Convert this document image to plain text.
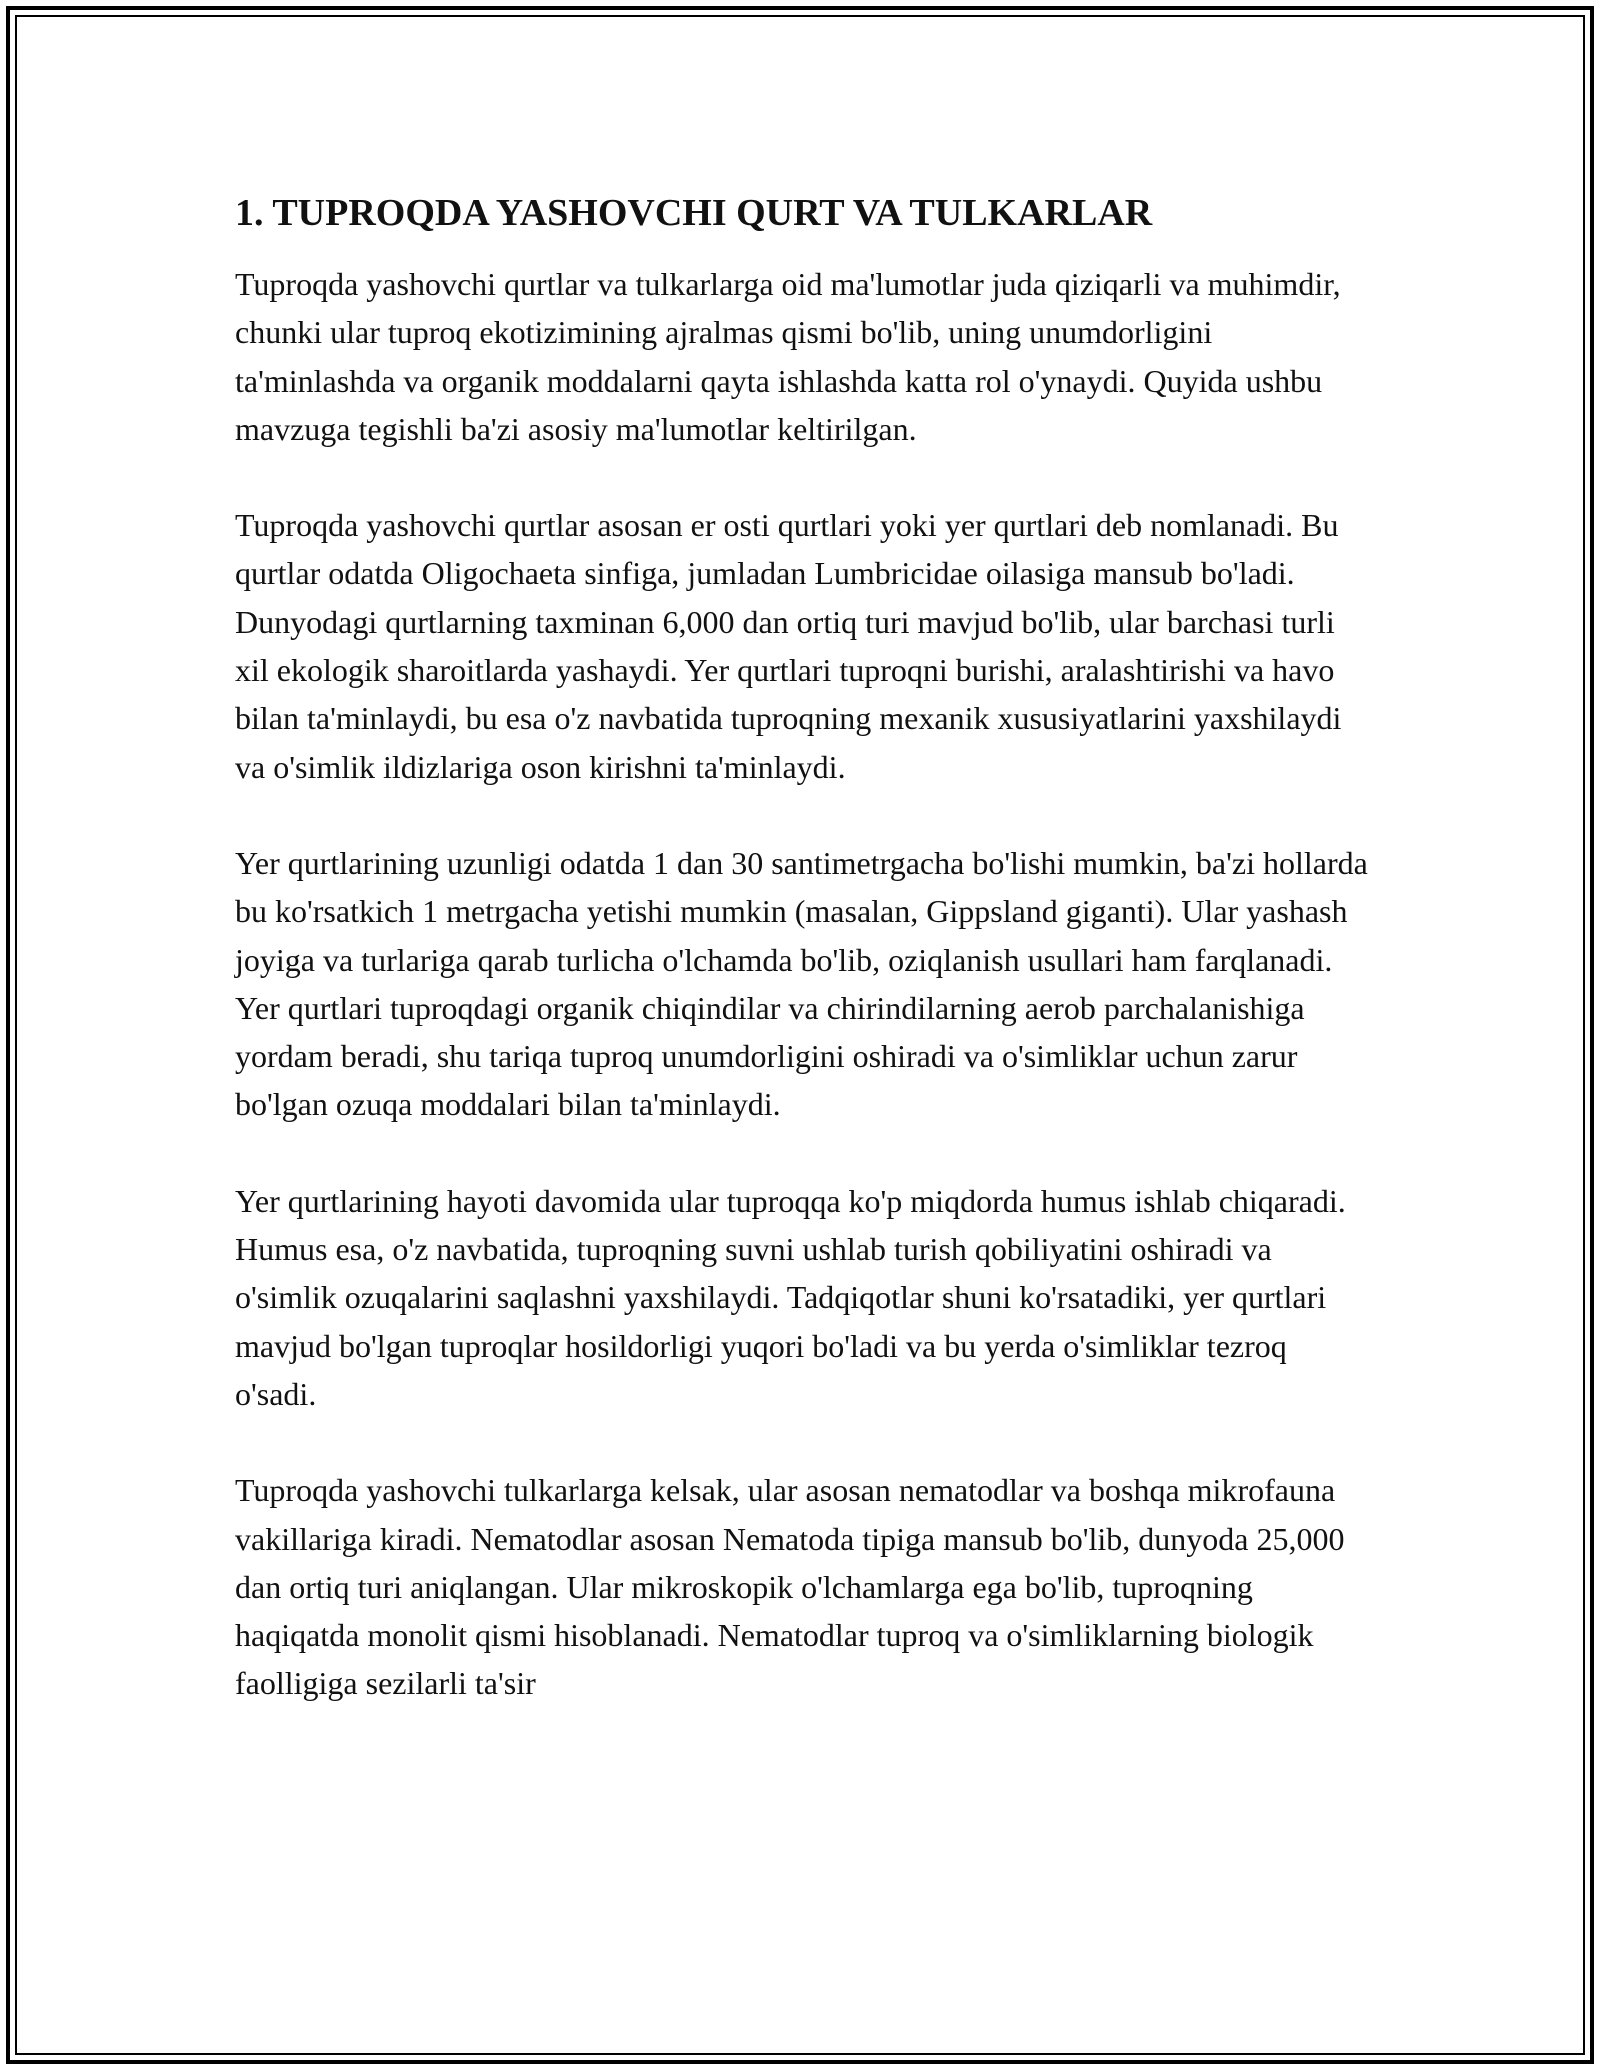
1. TUPROQDA YASHOVCHI QURT VA TULKARLAR

Tuproqda yashovchi qurtlar va tulkarlarga oid ma'lumotlar juda qiziqarli va muhimdir, chunki ular tuproq ekotizimining ajralmas qismi bo'lib, uning unumdorligini ta'minlashda va organik moddalarni qayta ishlashda katta rol o'ynaydi. Quyida ushbu mavzuga tegishli ba'zi asosiy ma'lumotlar keltirilgan.

Tuproqda yashovchi qurtlar asosan er osti qurtlari yoki yer qurtlari deb nomlanadi. Bu qurtlar odatda Oligochaeta sinfiga, jumladan Lumbricidae oilasiga mansub bo'ladi. Dunyodagi qurtlarning taxminan 6,000 dan ortiq turi mavjud bo'lib, ular barchasi turli xil ekologik sharoitlarda yashaydi. Yer qurtlari tuproqni burishi, aralashtirishi va havo bilan ta'minlaydi, bu esa o'z navbatida tuproqning mexanik xususiyatlarini yaxshilaydi va o'simlik ildizlariga oson kirishni ta'minlaydi.

Yer qurtlarining uzunligi odatda 1 dan 30 santimetrgacha bo'lishi mumkin, ba'zi hollarda bu ko'rsatkich 1 metrgacha yetishi mumkin (masalan, Gippsland giganti). Ular yashash joyiga va turlariga qarab turlicha o'lchamda bo'lib, oziqlanish usullari ham farqlanadi. Yer qurtlari tuproqdagi organik chiqindilar va chirindilarning aerob parchalanishiga yordam beradi, shu tariqa tuproq unumdorligini oshiradi va o'simliklar uchun zarur bo'lgan ozuqa moddalari bilan ta'minlaydi.

Yer qurtlarining hayoti davomida ular tuproqqa ko'p miqdorda humus ishlab chiqaradi. Humus esa, o'z navbatida, tuproqning suvni ushlab turish qobiliyatini oshiradi va o'simlik ozuqalarini saqlashni yaxshilaydi. Tadqiqotlar shuni ko'rsatadiki, yer qurtlari mavjud bo'lgan tuproqlar hosildorligi yuqori bo'ladi va bu yerda o'simliklar tezroq o'sadi.

Tuproqda yashovchi tulkarlarga kelsak, ular asosan nematodlar va boshqa mikrofauna vakillariga kiradi. Nematodlar asosan Nematoda tipiga mansub bo'lib, dunyoda 25,000 dan ortiq turi aniqlangan. Ular mikroskopik o'lchamlarga ega bo'lib, tuproqning haqiqatda monolit qismi hisoblanadi. Nematodlar tuproq va o'simliklarning biologik faolligiga sezilarli ta'sir
